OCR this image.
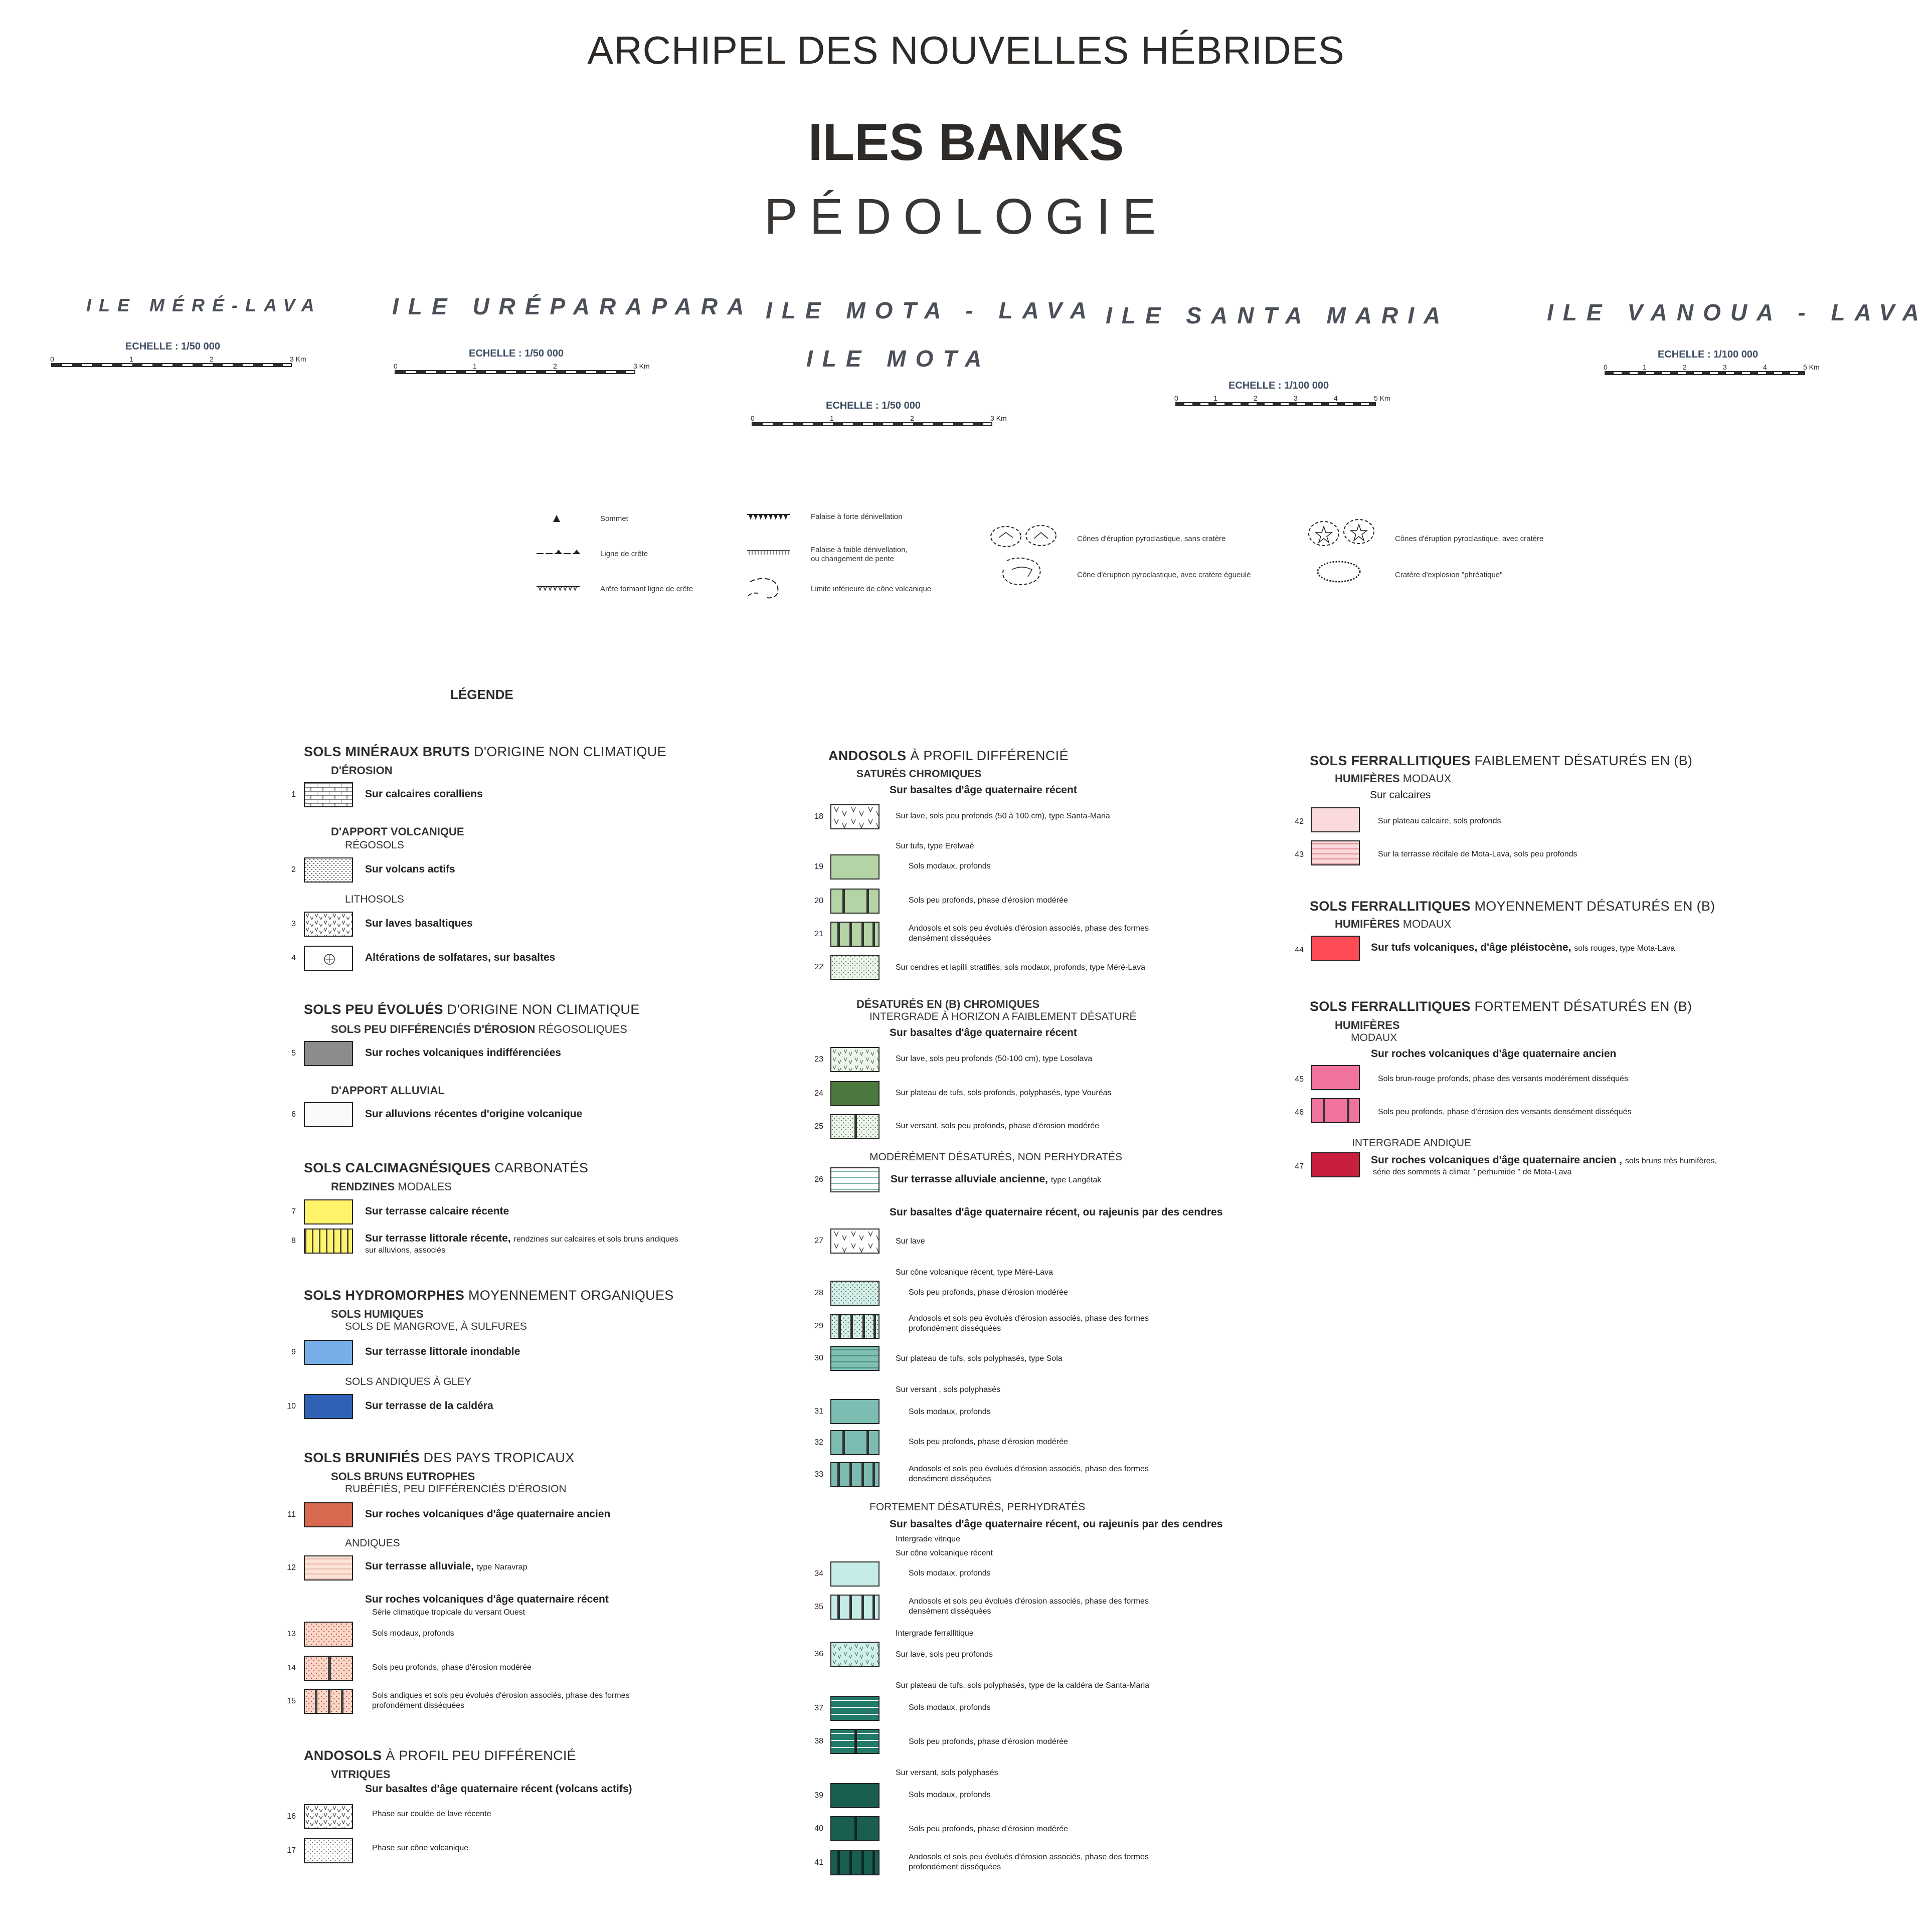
ARCHIPEL DES NOUVELLES HÉBRIDES
ILES BANKS
PÉDOLOGIE
ILE MÉRÉ-LAVA
ECHELLE : 1/50 000
0	1	2	3 Km
ILE URÉPARAPARA
ECHELLE : 1/50 000
0	1	2	3 Km
ILE MOTA - LAVA
ILE MOTA
ECHELLE : 1/50 000
0	1	2	3 Km
ILE SANTA MARIA
ECHELLE : 1/100 000
0	1	2	3	4	5 Km
ILE VANOUA - LAVA
ECHELLE : 1/100 000
0	1	2	3	4	5 Km
Sommet
Ligne de crête
Arête formant ligne de crête
Falaise à forte dénivellation
Falaise à faible dénivellation,
ou changement de pente
Limite inférieure de cône volcanique
Cônes d'éruption pyroclastique, sans cratère
Cône d'éruption pyroclastique, avec cratère égueulé
Cônes d'éruption pyroclastique, avec cratère
Cratère d'explosion "phréatique"
LÉGENDE
SOLS MINÉRAUX BRUTS D'ORIGINE NON CLIMATIQUE
D'ÉROSION
1	Sur calcaires coralliens
D'APPORT VOLCANIQUE
RÉGOSOLS
2	Sur volcans actifs
LITHOSOLS
3	Sur laves basaltiques
4	Altérations de solfatares, sur basaltes
SOLS PEU ÉVOLUÉS D'ORIGINE NON CLIMATIQUE
SOLS PEU DIFFÉRENCIÉS D'ÉROSION RÉGOSOLIQUES
5	Sur roches volcaniques indifférenciées
D'APPORT ALLUVIAL
6	Sur alluvions récentes d'origine volcanique
SOLS CALCIMAGNÉSIQUES CARBONATÉS
RENDZINES MODALES
7	Sur terrasse calcaire récente
8	Sur terrasse littorale récente, rendzines sur calcaires et sols bruns andiques
sur alluvions, associés
SOLS HYDROMORPHES MOYENNEMENT ORGANIQUES
SOLS HUMIQUES
SOLS DE MANGROVE, À SULFURES
9	Sur terrasse littorale inondable
SOLS ANDIQUES À GLEY
10	Sur terrasse de la caldéra
SOLS BRUNIFIÉS DES PAYS TROPICAUX
SOLS BRUNS EUTROPHES
RUBÉFIÉS, PEU DIFFÉRENCIÉS D'ÉROSION
11	Sur roches volcaniques d'âge quaternaire ancien
ANDIQUES
12	Sur terrasse alluviale, type Naravrap
Sur roches volcaniques d'âge quaternaire récent
Série climatique tropicale du versant Ouest
13	Sols modaux, profonds
14	Sols peu profonds, phase d'érosion modérée
15
Sols andiques et sols peu évolués d'érosion associés, phase des formes
profondément disséquées
ANDOSOLS À PROFIL PEU DIFFÉRENCIÉ
VITRIQUES
Sur basaltes d'âge quaternaire récent (volcans actifs)
16	Phase sur coulée de lave récente
17	Phase sur cône volcanique
ANDOSOLS À PROFIL DIFFÉRENCIÉ
SATURÉS CHROMIQUES
Sur basaltes d'âge quaternaire récent
18	Sur lave, sols peu profonds (50 à 100 cm), type Santa-Maria
Sur tufs, type Erelwaé
19	Sols modaux, profonds
20	Sols peu profonds, phase d'érosion modérée
21
Andosols et sols peu évolués d'érosion associés, phase des formes
densément disséquées
22	Sur cendres et lapilli stratifiés, sols modaux, profonds, type Méré-Lava
DÉSATURÉS EN (B) CHROMIQUES
INTERGRADE À HORIZON A FAIBLEMENT DÉSATURÉ
Sur basaltes d'âge quaternaire récent
23	Sur lave, sols peu profonds (50-100 cm), type Losolava
24	Sur plateau de tufs, sols profonds, polyphasés, type Vouréas
25	Sur versant, sols peu profonds, phase d'érosion modérée
MODÉRÉMENT DÉSATURÉS, NON PERHYDRATÉS
26	Sur terrasse alluviale ancienne, type Langétak
Sur basaltes d'âge quaternaire récent, ou rajeunis par des cendres
27	Sur lave
Sur cône volcanique récent, type Méré-Lava
28	Sols peu profonds, phase d'érosion modérée
29
Andosols et sols peu évolués d'érosion associés, phase des formes
profondément disséquées
30	Sur plateau de tufs, sols polyphasés, type Sola
Sur versant , sols polyphasés
31	Sols modaux, profonds
32	Sols peu profonds, phase d'érosion modérée
33
Andosols et sols peu évolués d'érosion associés, phase des formes
densément disséquées
FORTEMENT DÉSATURÉS, PERHYDRATÉS
Sur basaltes d'âge quaternaire récent, ou rajeunis par des cendres
Intergrade vitrique
Sur cône volcanique récent
34	Sols modaux, profonds
35
Andosols et sols peu évolués d'érosion associés, phase des formes
densément disséquées
Intergrade ferrallitique
36	Sur lave, sols peu profonds
Sur plateau de tufs, sols polyphasés, type de la caldéra de Santa-Maria
37	Sols modaux, profonds
38	Sols peu profonds, phase d'érosion modérée
Sur versant, sols polyphasés
39	Sols modaux, profonds
40	Sols peu profonds, phase d'érosion modérée
41
Andosols et sols peu évolués d'érosion associés, phase des formes
profondément disséquées
SOLS FERRALLITIQUES FAIBLEMENT DÉSATURÉS EN (B)
HUMIFÈRES MODAUX
Sur calcaires
42	Sur plateau calcaire, sols profonds
43	Sur la terrasse récifale de Mota-Lava, sols peu profonds
SOLS FERRALLITIQUES MOYENNEMENT DÉSATURÉS EN (B)
HUMIFÈRES MODAUX
44	Sur tufs volcaniques, d'âge pléistocène, sols rouges, type Mota-Lava
SOLS FERRALLITIQUES FORTEMENT DÉSATURÉS EN (B)
HUMIFÈRES
MODAUX
Sur roches volcaniques d'âge quaternaire ancien
45	Sols brun-rouge profonds, phase des versants modérément disséqués
46	Sols peu profonds, phase d'érosion des versants densément disséqués
INTERGRADE ANDIQUE
47
Sur roches volcaniques d'âge quaternaire ancien , sols bruns très humifères,
série des sommets à climat " perhumide " de Mota-Lava
